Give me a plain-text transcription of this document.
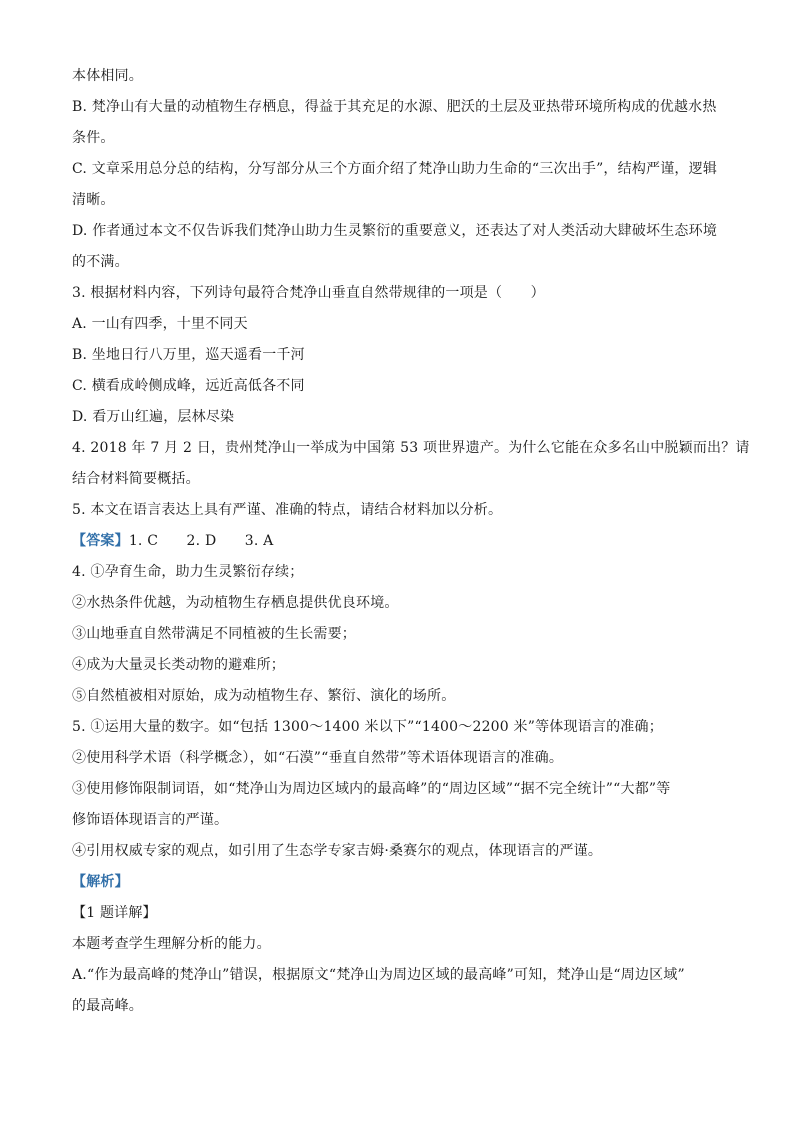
本体相同。
B. 梵净山有大量的动植物生存栖息，得益于其充足的水源、肥沃的土层及亚热带环境所构成的优越水热
条件。
C. 文章采用总分总的结构，分写部分从三个方面介绍了梵净山助力生命的“三次出手”，结构严谨，逻辑
清晰。
D. 作者通过本文不仅告诉我们梵净山助力生灵繁衍的重要意义，还表达了对人类活动大肆破坏生态环境
的不满。
3. 根据材料内容，下列诗句最符合梵净山垂直自然带规律的一项是（　　）
A. 一山有四季，十里不同天
B. 坐地日行八万里，巡天遥看一千河
C. 横看成岭侧成峰，远近高低各不同
D. 看万山红遍，层林尽染
4. 2018 年 7 月 2 日，贵州梵净山一举成为中国第 53 项世界遗产。为什么它能在众多名山中脱颖而出？请
结合材料简要概括。
5. 本文在语言表达上具有严谨、准确的特点，请结合材料加以分析。
【答案】1. C　　2. D　　3. A
4. ①孕育生命，助力生灵繁衍存续；
②水热条件优越，为动植物生存栖息提供优良环境。
③山地垂直自然带满足不同植被的生长需要；
④成为大量灵长类动物的避难所；
⑤自然植被相对原始，成为动植物生存、繁衍、演化的场所。
5. ①运用大量的数字。如“包括 1300～1400 米以下”“1400～2200 米”等体现语言的准确；
②使用科学术语（科学概念），如“石漠”“垂直自然带”等术语体现语言的准确。
③使用修饰限制词语，如“梵净山为周边区域内的最高峰”的“周边区域”“据不完全统计”“大都”等
修饰语体现语言的严谨。
④引用权威专家的观点，如引用了生态学专家吉姆·桑赛尔的观点，体现语言的严谨。
【解析】
【1 题详解】
本题考查学生理解分析的能力。
A.“作为最高峰的梵净山”错误，根据原文“梵净山为周边区域的最高峰”可知，梵净山是“周边区域”
的最高峰。
